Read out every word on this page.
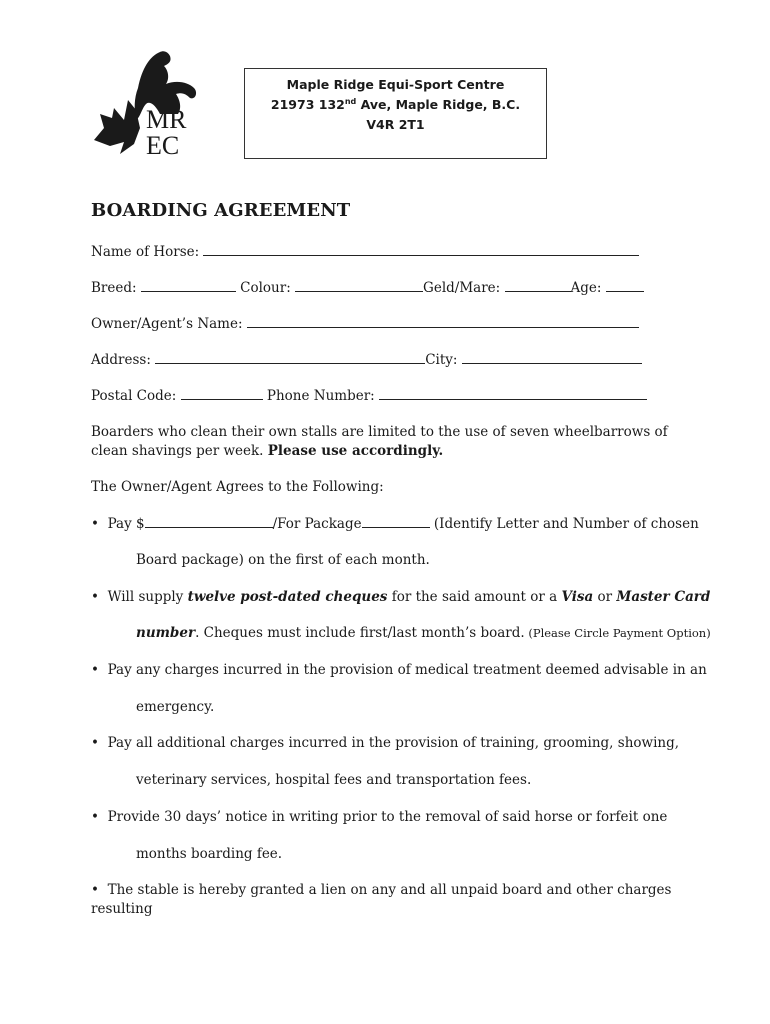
MR
EC
Maple Ridge Equi-Sport Centre
21973 132nd Ave, Maple Ridge, B.C.
V4R 2T1
BOARDING AGREEMENT
Name of Horse:
Breed:	Colour:	Geld/Mare:	Age:
Owner/Agent’s Name:
Address:	City:
Postal Code:	Phone Number:
Boarders who clean their own stalls are limited to the use of seven wheelbarrows of clean shavings per week. Please use accordingly.
The Owner/Agent Agrees to the Following:
• Pay $	/For Package	(Identify Letter and Number of chosen
Board package) on the first of each month.
• Will supply twelve post-dated cheques for the said amount or a Visa or Master Card
number. Cheques must include first/last month’s board. (Please Circle Payment Option)
• Pay any charges incurred in the provision of medical treatment deemed advisable in an
emergency.
• Pay all additional charges incurred in the provision of training, grooming, showing,
veterinary services, hospital fees and transportation fees.
• Provide 30 days’ notice in writing prior to the removal of said horse or forfeit one
months boarding fee.
• The stable is hereby granted a lien on any and all unpaid board and other charges
resulting
